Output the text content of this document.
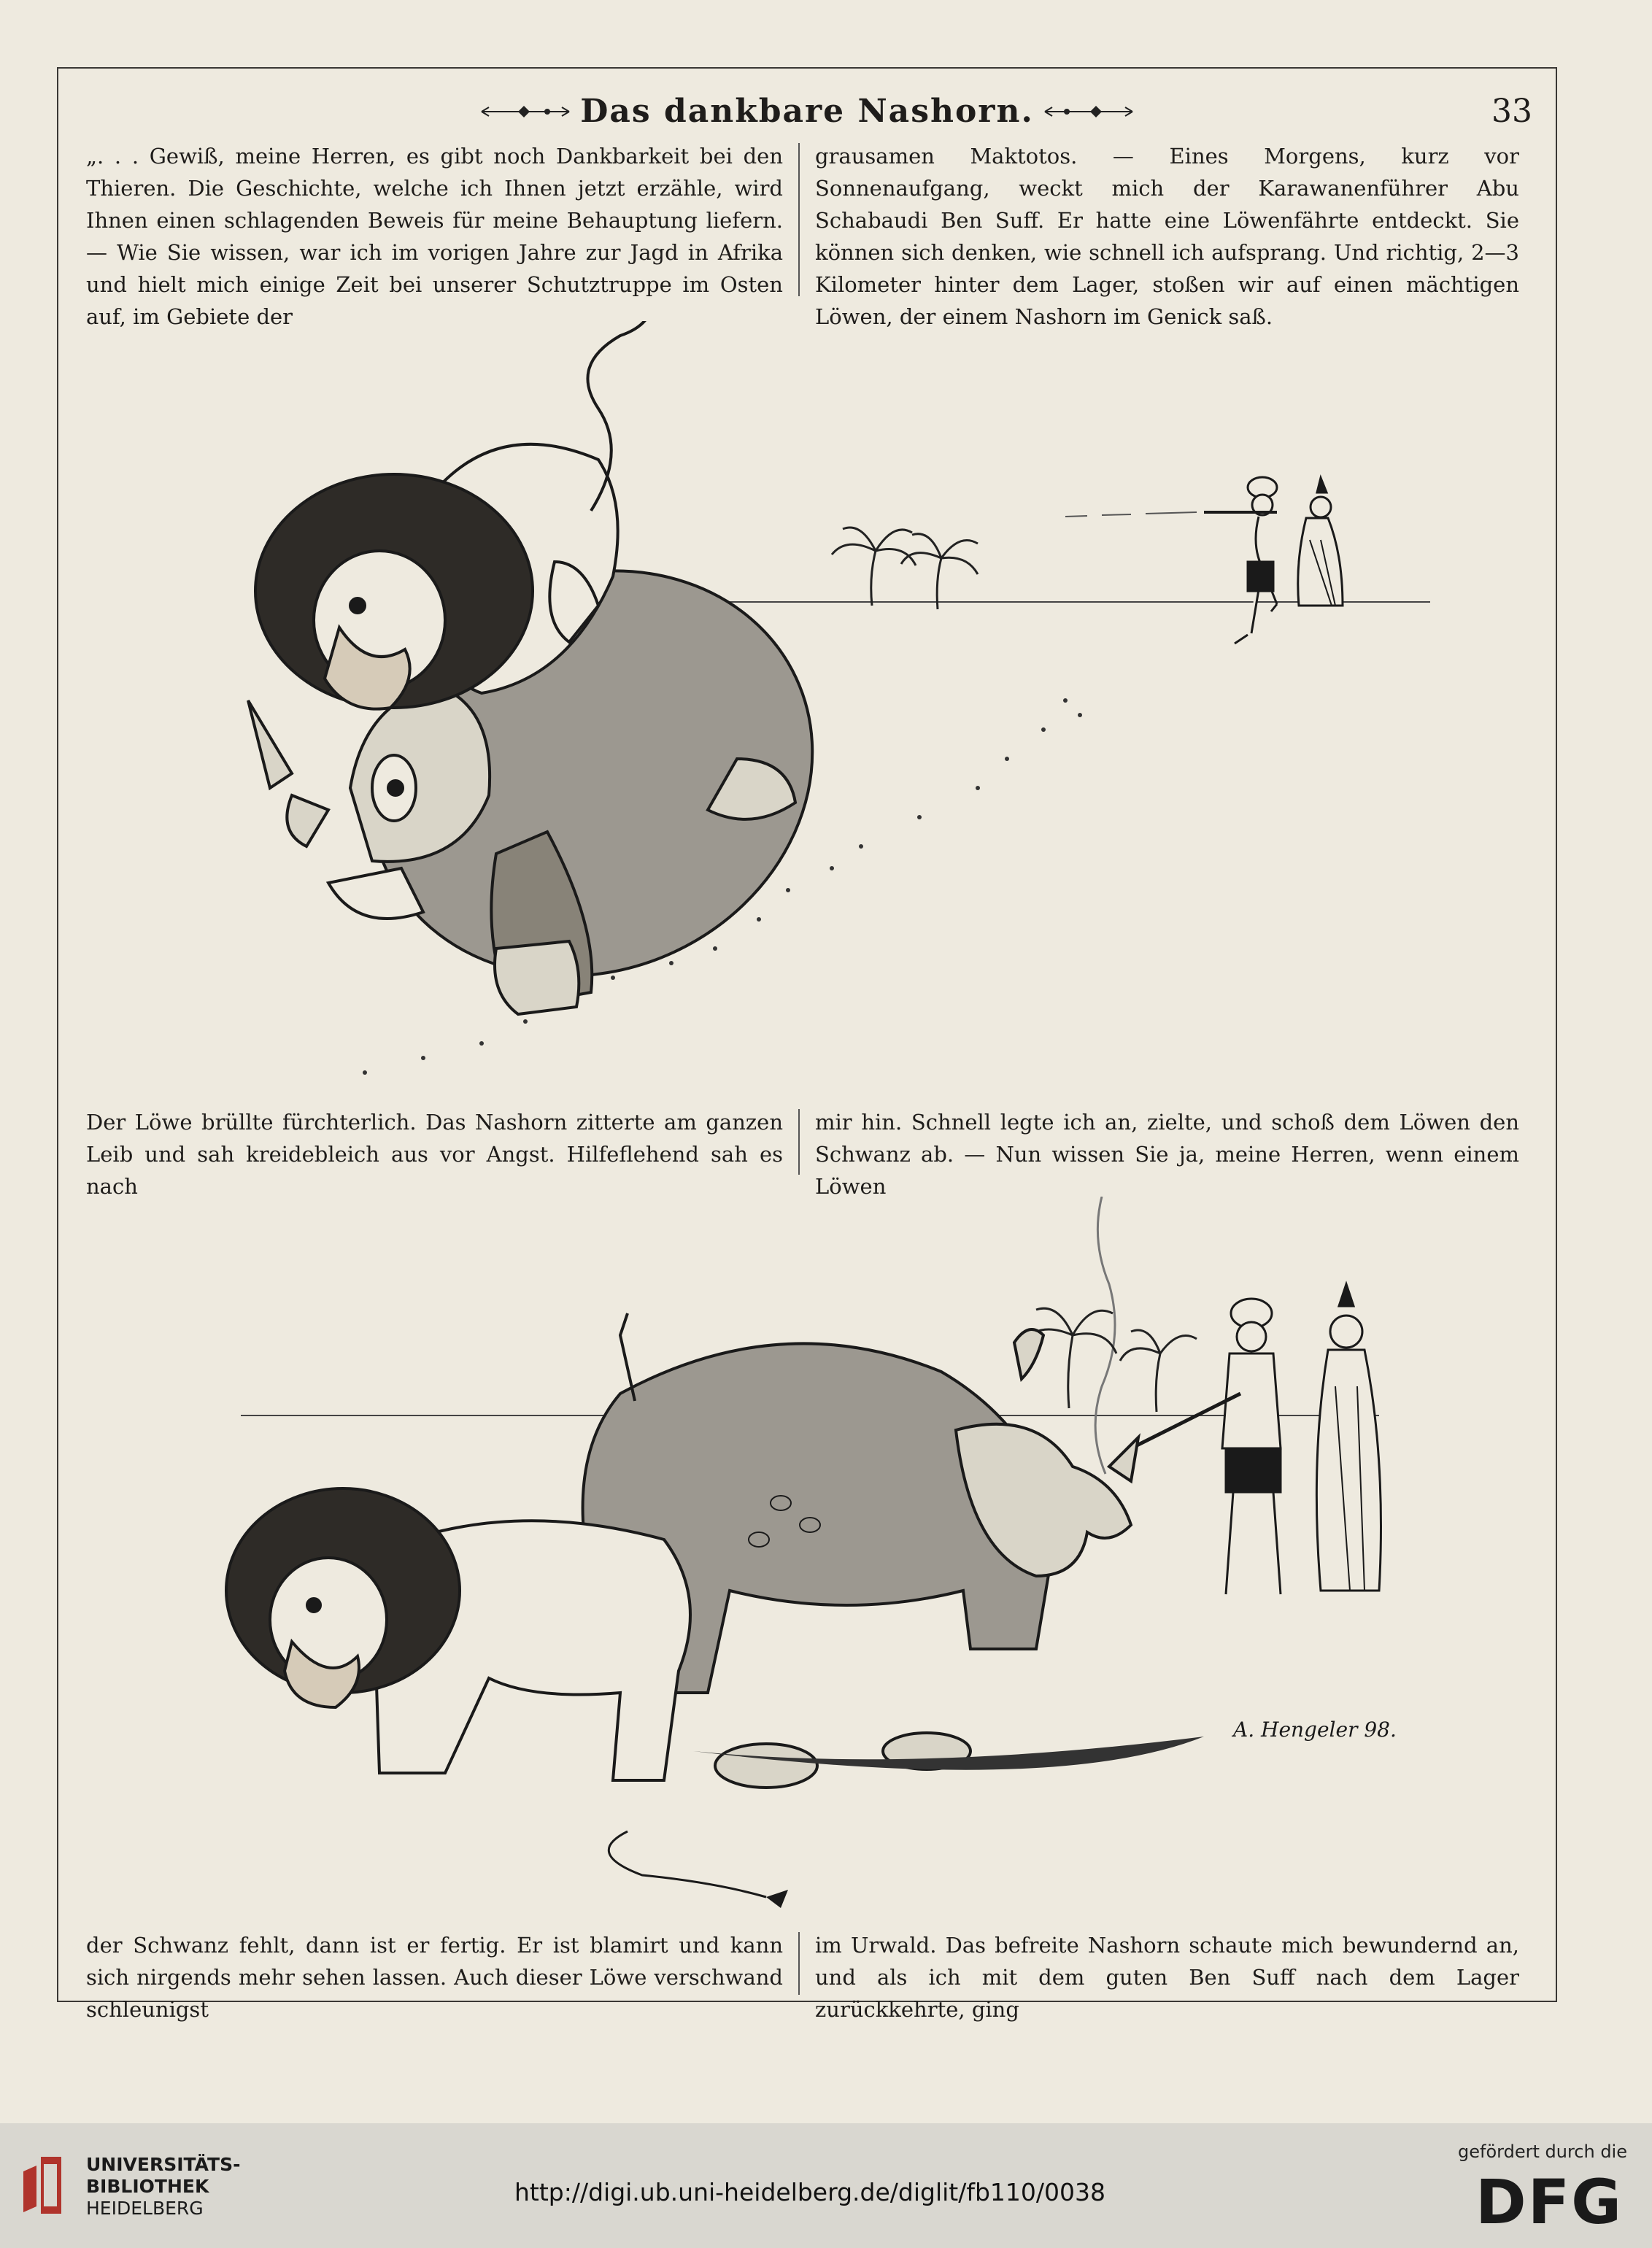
Das dankbare Nashorn.	33

„. . . Gewiß, meine Herren, es gibt noch Dankbarkeit bei den Thieren. Die Geschichte, welche ich Ihnen jetzt erzähle, wird Ihnen einen schlagenden Beweis für meine Behauptung liefern. — Wie Sie wissen, war ich im vorigen Jahre zur Jagd in Afrika und hielt mich einige Zeit bei unserer Schutztruppe im Osten auf, im Gebiete der

grausamen Maktotos. — Eines Morgens, kurz vor Sonnenaufgang, weckt mich der Karawanenführer Abu Schabaudi Ben Suff. Er hatte eine Löwenfährte entdeckt. Sie können sich denken, wie schnell ich aufsprang. Und richtig, 2—3 Kilometer hinter dem Lager, stoßen wir auf einen mächtigen Löwen, der einem Nashorn im Genick saß.

Der Löwe brüllte fürchterlich. Das Nashorn zitterte am ganzen Leib und sah kreidebleich aus vor Angst. Hilfeflehend sah es nach

mir hin. Schnell legte ich an, zielte, und schoß dem Löwen den Schwanz ab. — Nun wissen Sie ja, meine Herren, wenn einem Löwen

A. Hengeler 98.

der Schwanz fehlt, dann ist er fertig. Er ist blamirt und kann sich nirgends mehr sehen lassen. Auch dieser Löwe verschwand schleunigst

im Urwald. Das befreite Nashorn schaute mich bewundernd an, und als ich mit dem guten Ben Suff nach dem Lager zurückkehrte, ging

UNIVERSITÄTS-
BIBLIOTHEK
HEIDELBERG
http://digi.ub.uni-heidelberg.de/diglit/fb110/0038
gefördert durch die
DFG
